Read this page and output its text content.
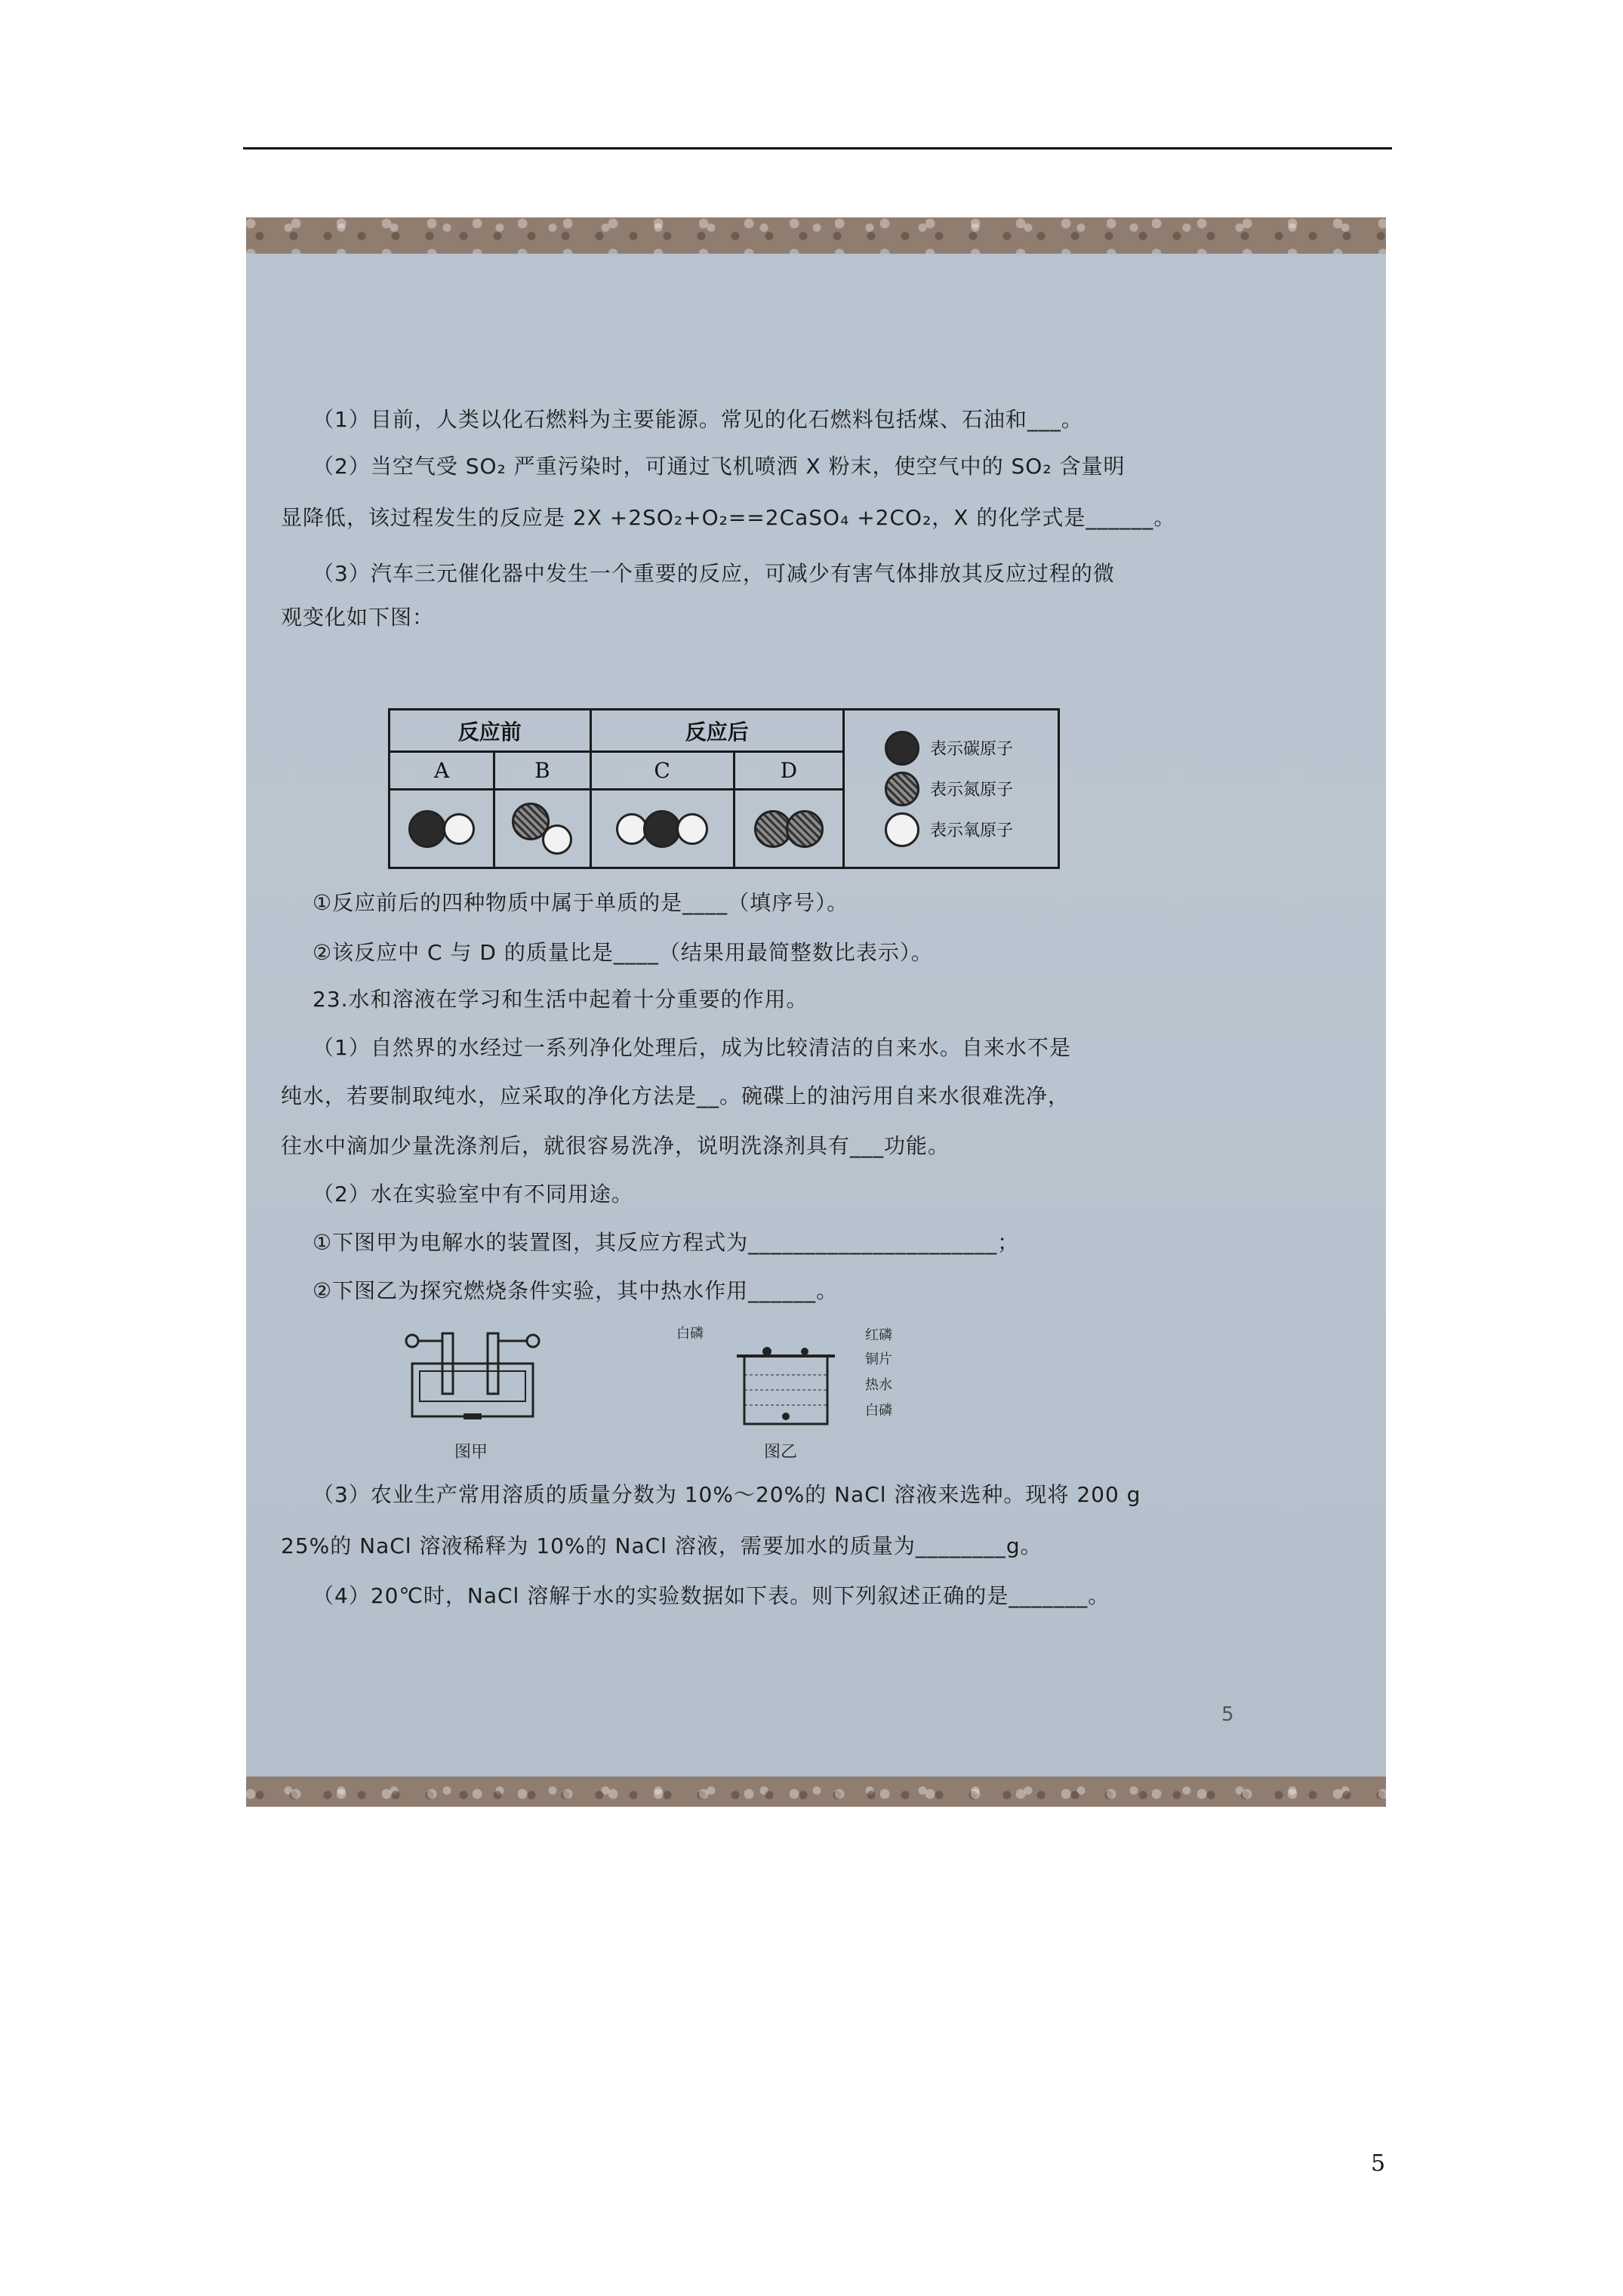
（1）目前，人类以化石燃料为主要能源。常见的化石燃料包括煤、石油和___。
（2）当空气受 SO₂ 严重污染时，可通过飞机喷洒 X 粉末，使空气中的 SO₂ 含量明
显降低，该过程发生的反应是 2X +2SO₂+O₂==2CaSO₄ +2CO₂，X 的化学式是______。
（3）汽车三元催化器中发生一个重要的反应，可减少有害气体排放其反应过程的微
观变化如下图：
反应前		反应后		表示碳原子
表示氮原子
表示氧原子

A	B	C	D	

①反应前后的四种物质中属于单质的是____（填序号）。
②该反应中 C 与 D 的质量比是____（结果用最简整数比表示）。
23.水和溶液在学习和生活中起着十分重要的作用。
（1）自然界的水经过一系列净化处理后，成为比较清洁的自来水。自来水不是
纯水，若要制取纯水，应采取的净化方法是__。碗碟上的油污用自来水很难洗净，
往水中滴加少量洗涤剂后，就很容易洗净，说明洗涤剂具有___功能。
（2）水在实验室中有不同用途。
①下图甲为电解水的装置图，其反应方程式为______________________；
②下图乙为探究燃烧条件实验，其中热水作用______。
图甲
白磷	红磷
铜片
热水
白磷
图乙
（3）农业生产常用溶质的质量分数为 10%～20%的 NaCl 溶液来选种。现将 200 g
25%的 NaCl 溶液稀释为 10%的 NaCl 溶液，需要加水的质量为________g。
（4）20℃时，NaCl 溶解于水的实验数据如下表。则下列叙述正确的是_______。
5
5
